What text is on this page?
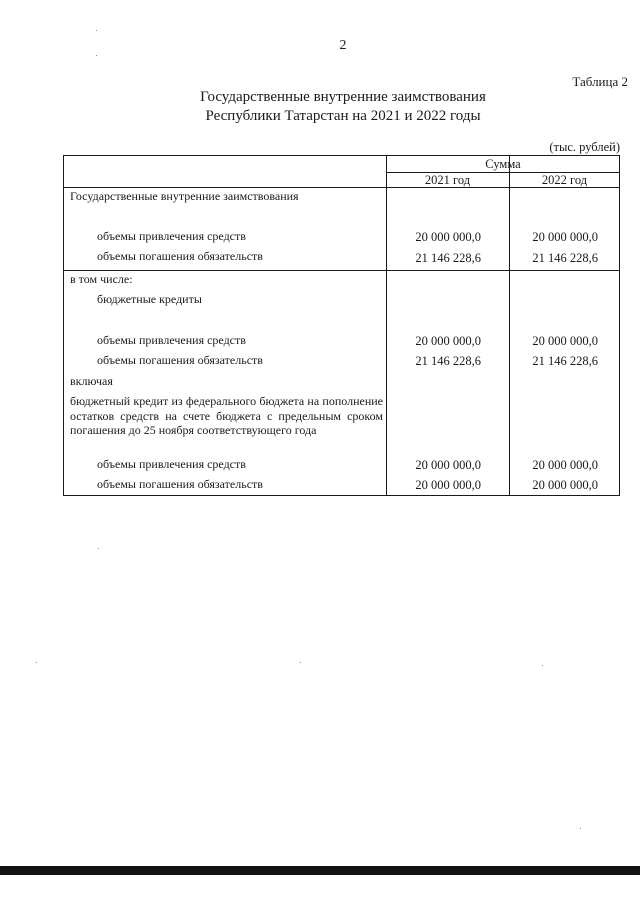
2
Таблица 2
Государственные внутренние заимствования
Республики Татарстан на 2021 и 2022 годы
(тыс. рублей)
Сумма
2021 год	2022 год
Государственные внутренние заимствования
объемы привлечения средств	20 000 000,0	20 000 000,0
объемы погашения обязательств	21 146 228,6	21 146 228,6
в том числе:
бюджетные кредиты
объемы привлечения средств	20 000 000,0	20 000 000,0
объемы погашения обязательств	21 146 228,6	21 146 228,6
включая
бюджетный кредит из федерального бюджета на пополнение остатков средств на счете бюджета с предельным сроком погашения до 25 ноября соответствующего года
объемы привлечения средств	20 000 000,0	20 000 000,0
объемы погашения обязательств	20 000 000,0	20 000 000,0
